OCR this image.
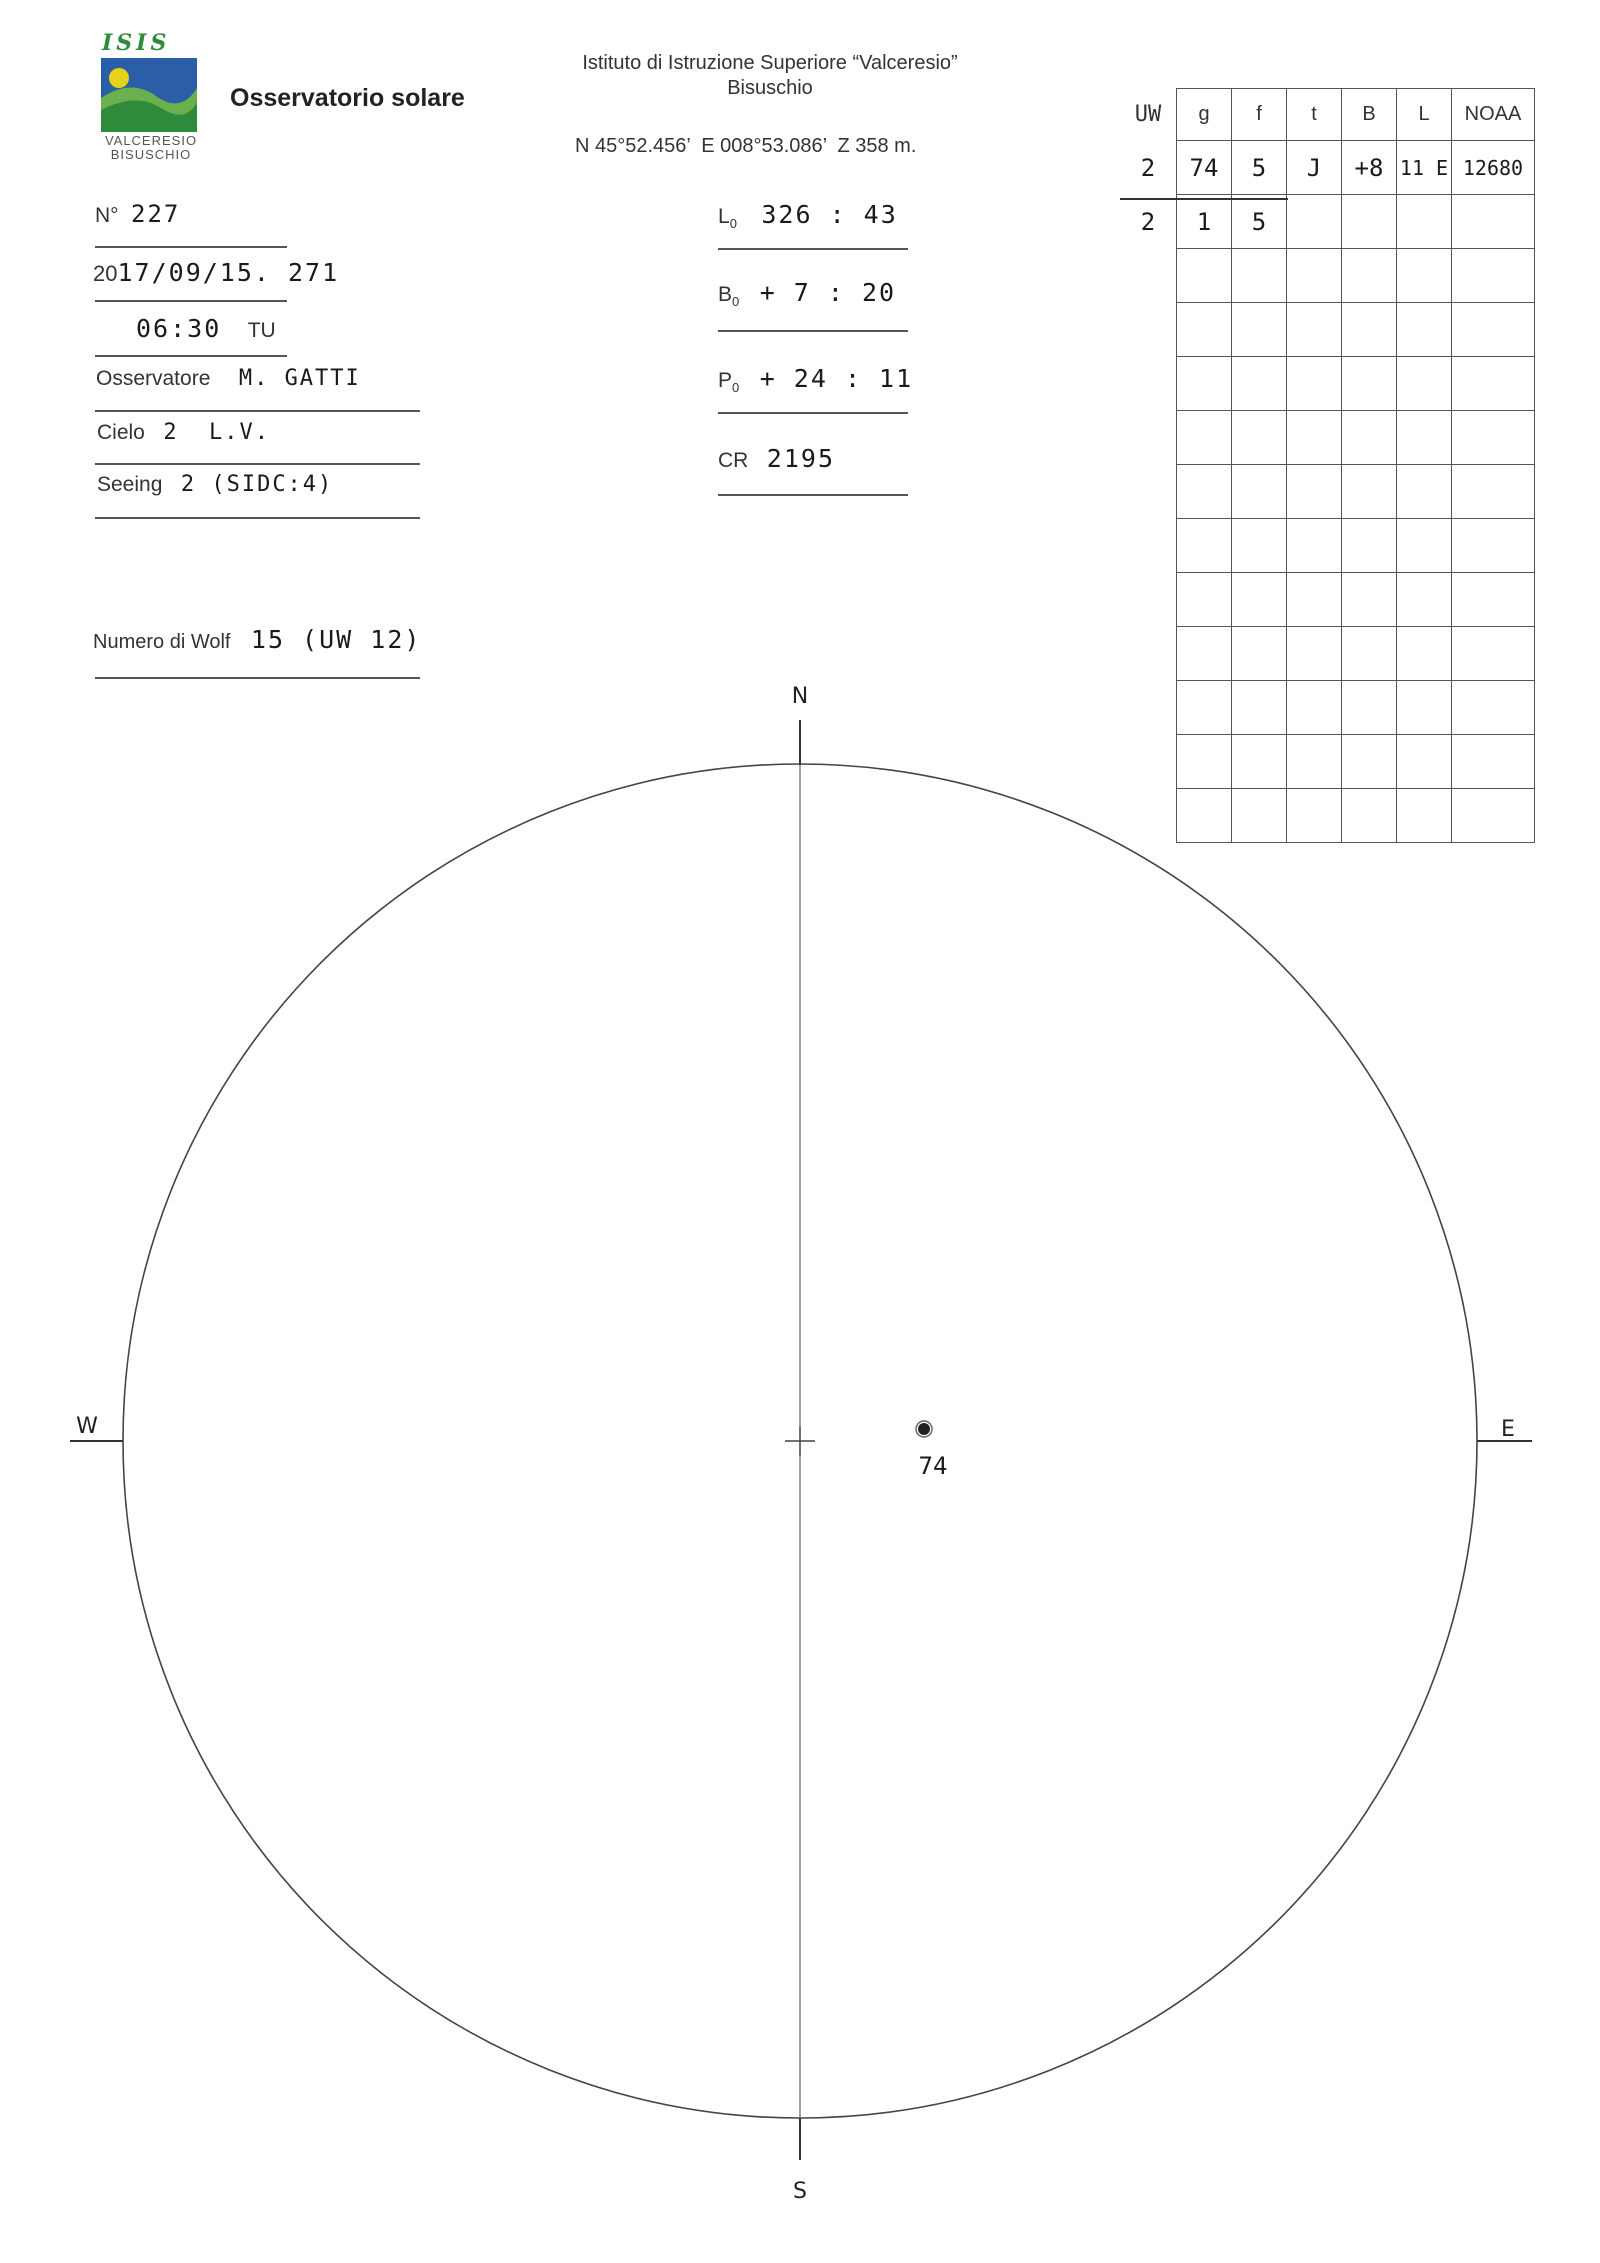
ISIS
VALCERESIO
BISUSCHIO
Osservatorio solare
Istituto di Istruzione Superiore “Valceresio”
Bisuschio
N 45°52.456’  E 008°53.086’  Z 358 m.
N° 227
2017/09/15. 271
06:30 TU
Osservatore M. GATTI
Cielo 2  L.V.
Seeing 2 (SIDC:4)
Numero di Wolf 15 (UW 12)
$L_0$ 326 : 43
$B_0 + 7$ : 20
$P_0 + 24$ : 11
CR 2195
UW	g	f	t	B	L	NOAA
2	74	5	J	+8	11 E	12680
2	1	5				

N
S
W	E
74
